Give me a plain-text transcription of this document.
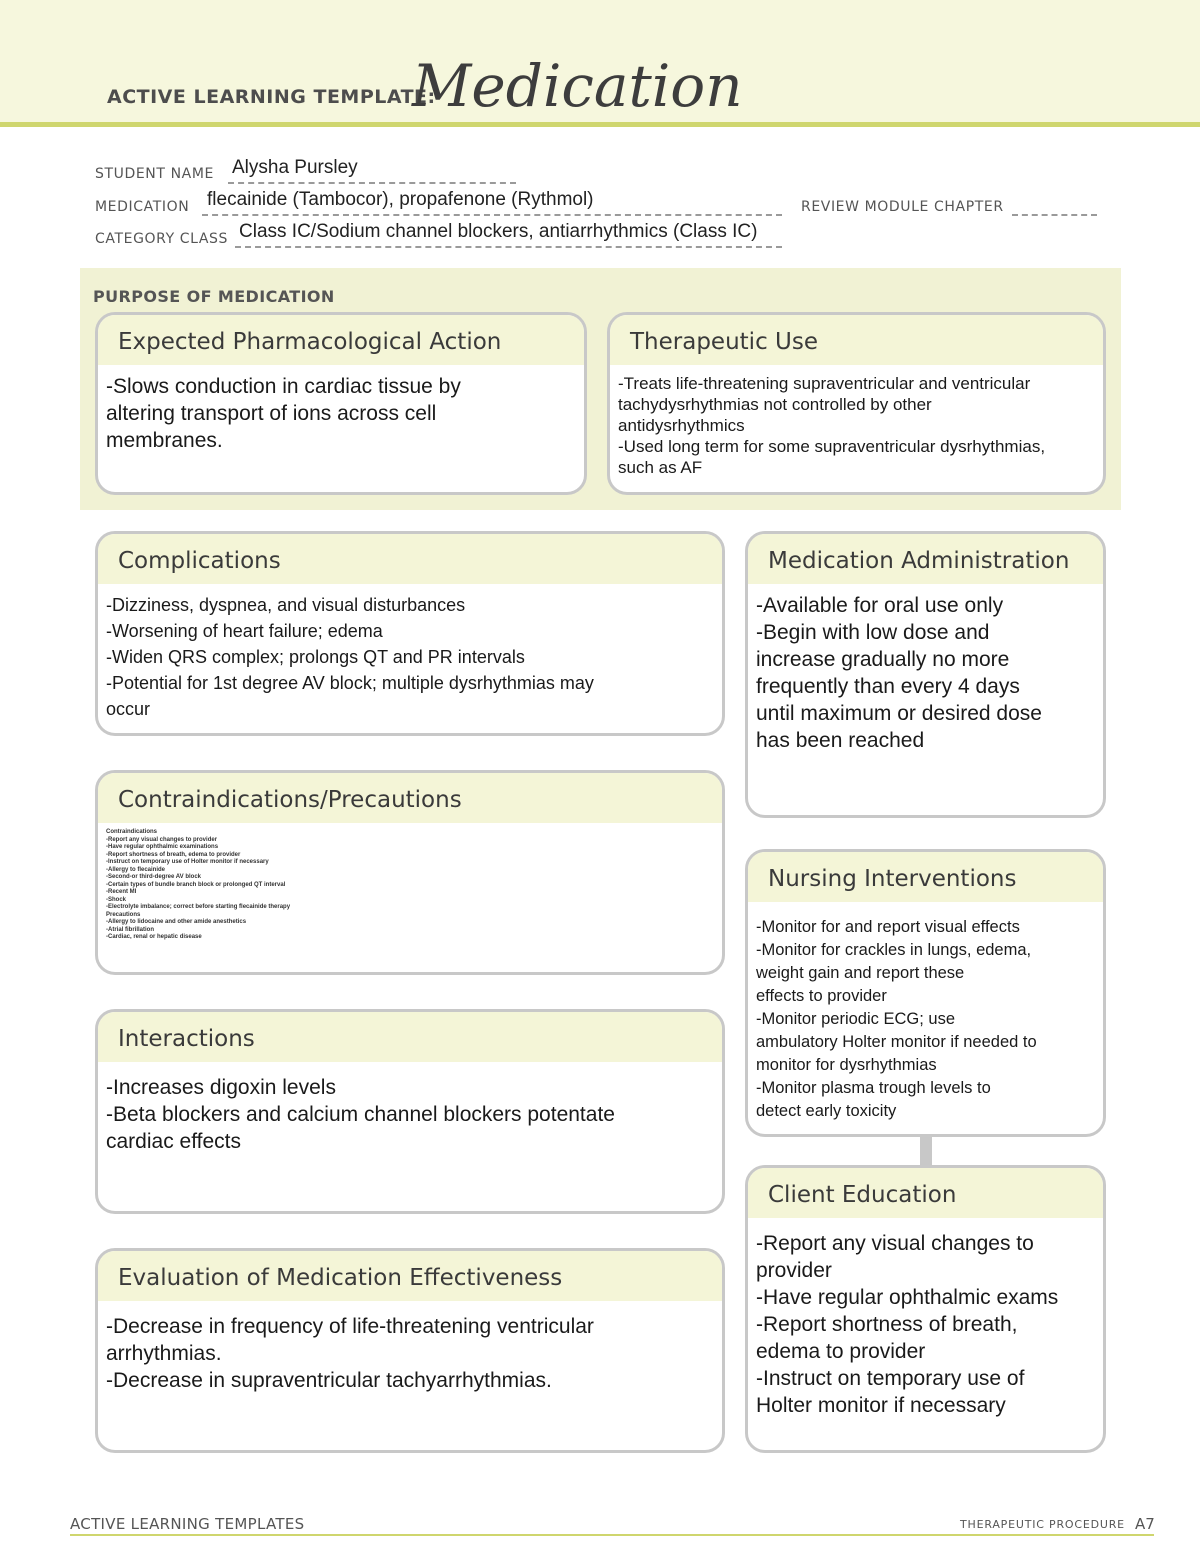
ACTIVE LEARNING TEMPLATE:
Medication
STUDENT NAME Alysha Pursley
MEDICATION flecainide (Tambocor), propafenone (Rythmol)	REVIEW MODULE CHAPTER
CATEGORY CLASS Class IC/Sodium channel blockers, antiarrhythmics (Class IC)
PURPOSE OF MEDICATION
Expected Pharmacological Action
-Slows conduction in cardiac tissue by
altering transport of ions across cell
membranes.
Therapeutic Use
-Treats life-threatening supraventricular and ventricular
tachydysrhythmias not controlled by other
antidysrhythmics
-Used long term for some supraventricular dysrhythmias,
such as AF
Complications
-Dizziness, dyspnea, and visual disturbances
-Worsening of heart failure; edema
-Widen QRS complex; prolongs QT and PR intervals
-Potential for 1st degree AV block; multiple dysrhythmias may
occur
Medication Administration
-Available for oral use only
-Begin with low dose and
increase gradually no more
frequently than every 4 days
until maximum or desired dose
has been reached
Contraindications/Precautions
Contraindications
-Report any visual changes to provider
-Have regular ophthalmic examinations
-Report shortness of breath, edema to provider
-Instruct on temporary use of Holter monitor if necessary
-Allergy to flecainide
-Second-or third-degree AV block
-Certain types of bundle branch block or prolonged QT interval
-Recent MI
-Shock
-Electrolyte imbalance; correct before starting flecainide therapy
Precautions
-Allergy to lidocaine and other amide anesthetics
-Atrial fibrillation
-Cardiac, renal or hepatic disease
Nursing Interventions
-Monitor for and report visual effects
-Monitor for crackles in lungs, edema,
weight gain and report these
effects to provider
-Monitor periodic ECG; use
ambulatory Holter monitor if needed to
monitor for dysrhythmias
-Monitor plasma trough levels to
detect early toxicity
Interactions
-Increases digoxin levels
-Beta blockers and calcium channel blockers potentate
cardiac effects
Client Education
-Report any visual changes to
provider
-Have regular ophthalmic exams
-Report shortness of breath,
edema to provider
-Instruct on temporary use of
Holter monitor if necessary
Evaluation of Medication Effectiveness
-Decrease in frequency of life-threatening ventricular
arrhythmias.
-Decrease in supraventricular tachyarrhythmias.
ACTIVE LEARNING TEMPLATES	THERAPEUTIC PROCEDURE A7
